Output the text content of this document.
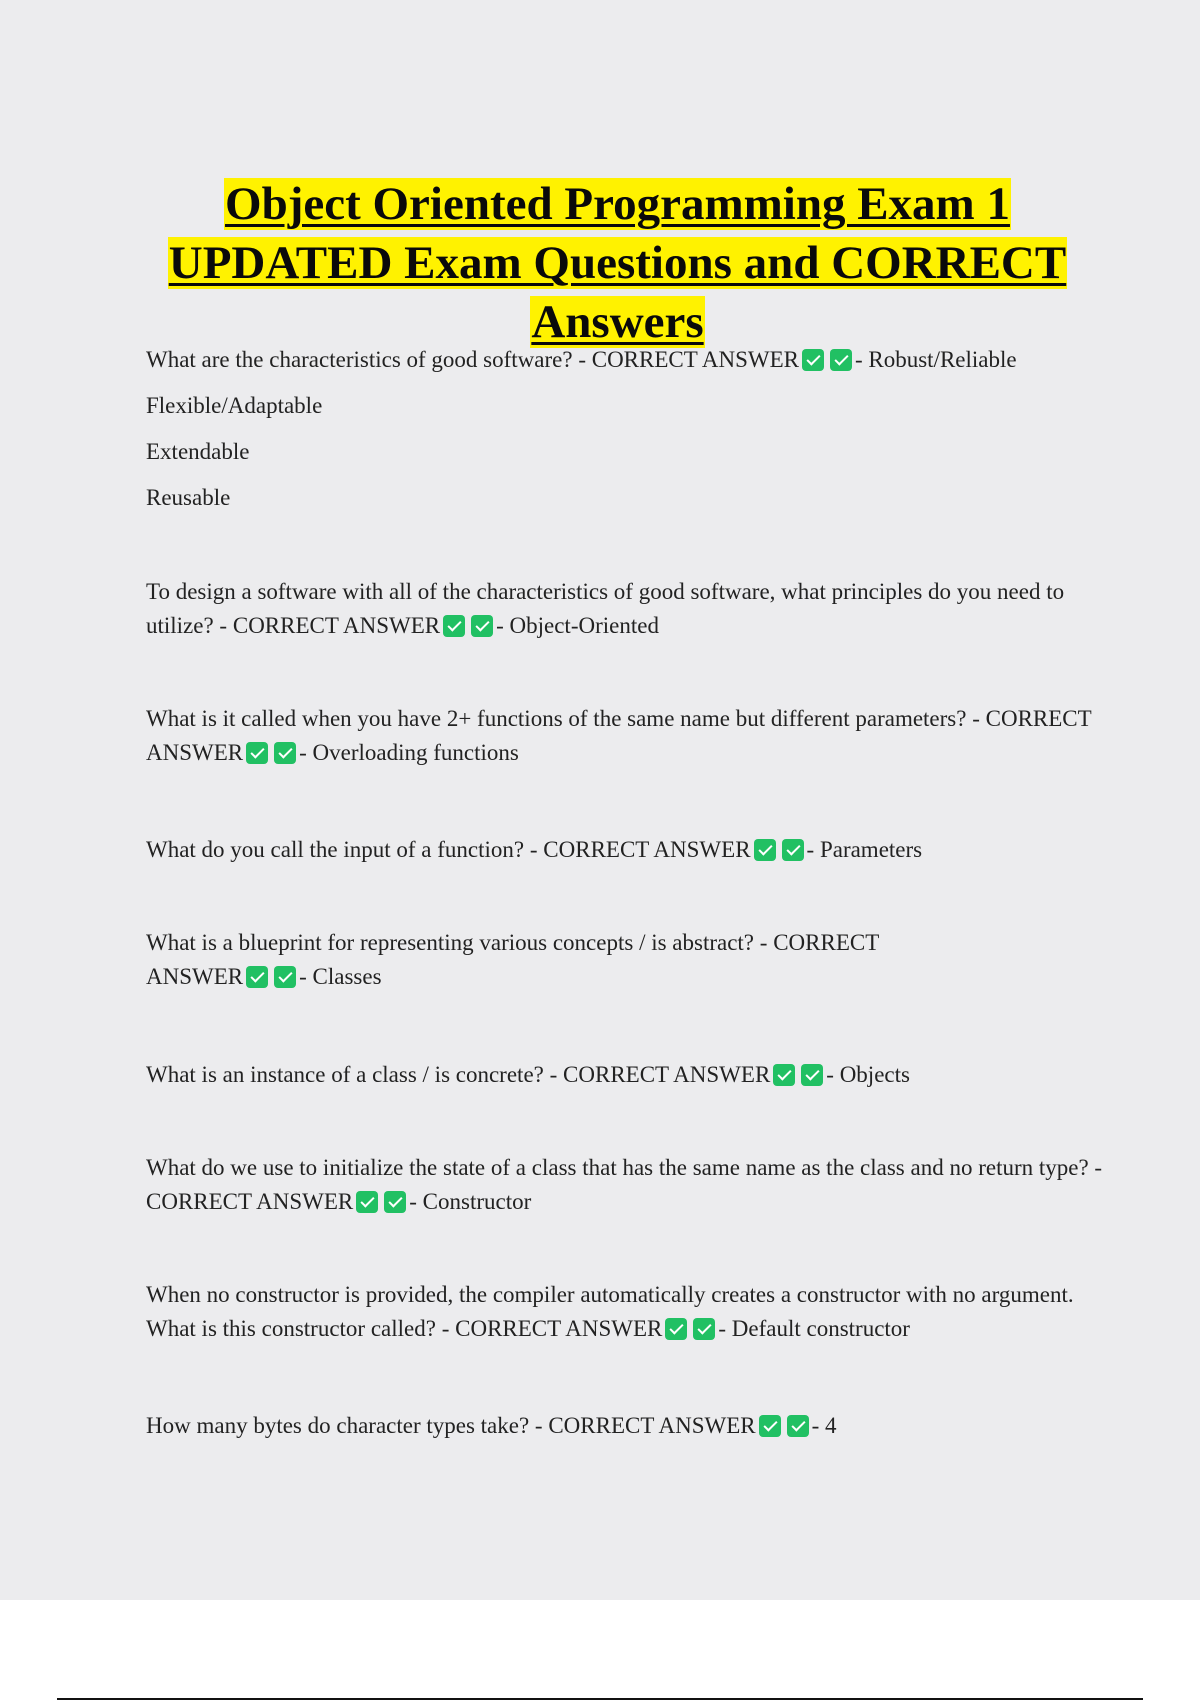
Object Oriented Programming Exam 1
UPDATED Exam Questions and CORRECT
Answers

What are the characteristics of good software? - CORRECT ANSWER - Robust/Reliable

Flexible/Adaptable

Extendable

Reusable

To design a software with all of the characteristics of good software, what principles do you need to utilize? - CORRECT ANSWER - Object-Oriented

What is it called when you have 2+ functions of the same name but different parameters? - CORRECT ANSWER - Overloading functions

What do you call the input of a function? - CORRECT ANSWER - Parameters

What is a blueprint for representing various concepts / is abstract? - CORRECT ANSWER - Classes

What is an instance of a class / is concrete? - CORRECT ANSWER - Objects

What do we use to initialize the state of a class that has the same name as the class and no return type? - CORRECT ANSWER - Constructor

When no constructor is provided, the compiler automatically creates a constructor with no argument. What is this constructor called? - CORRECT ANSWER - Default constructor

How many bytes do character types take? - CORRECT ANSWER - 4
